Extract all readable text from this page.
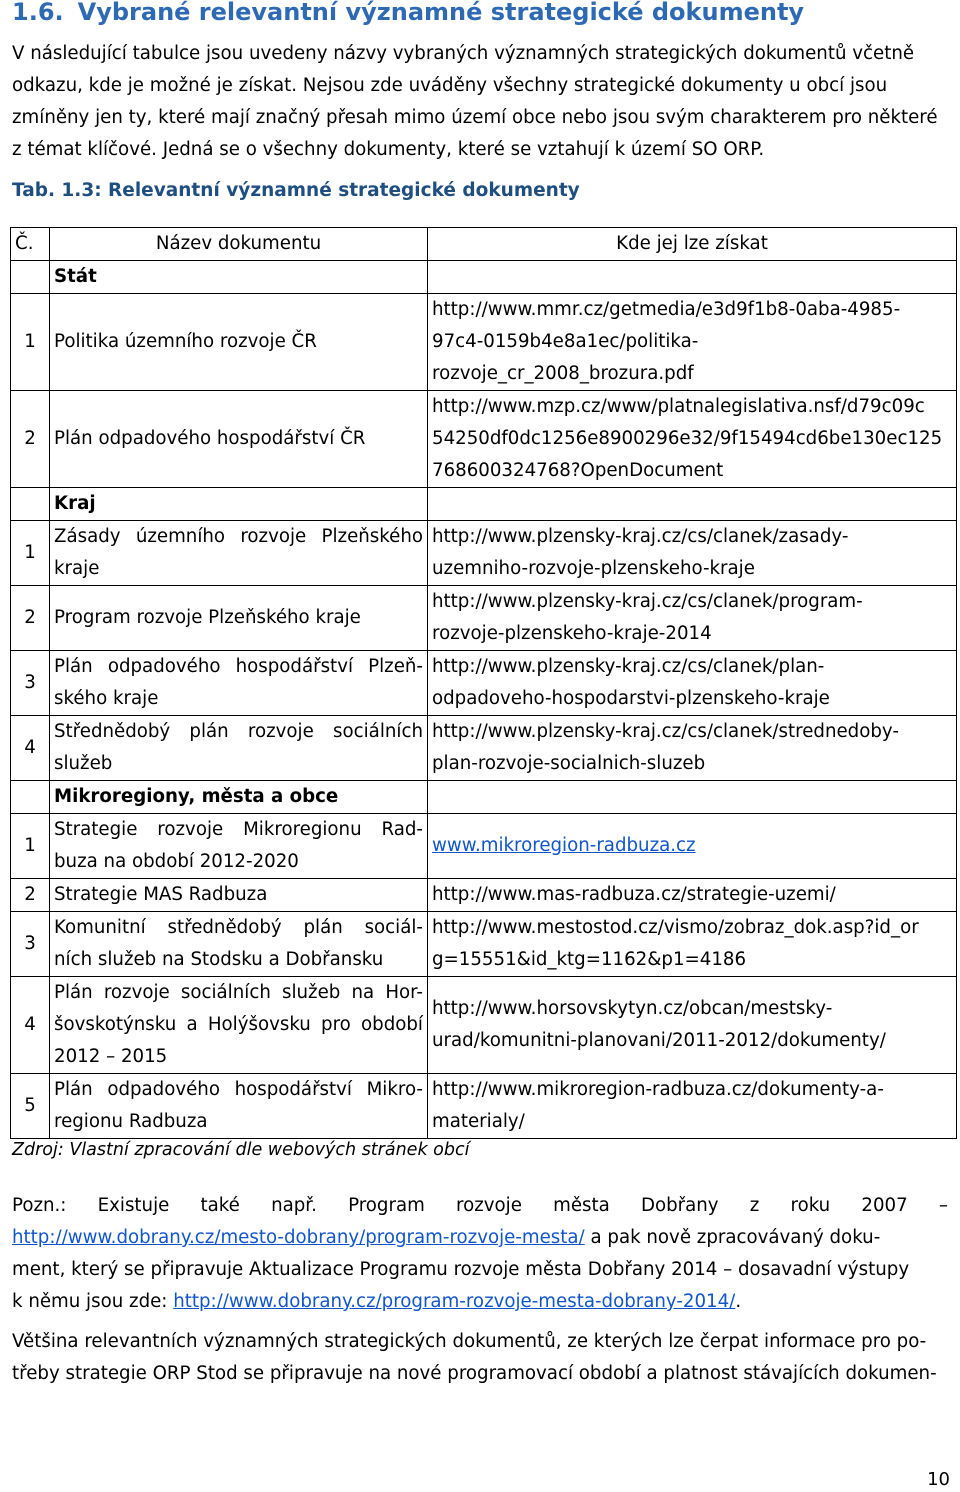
1.6. Vybrané relevantní významné strategické dokumenty

V následující tabulce jsou uvedeny názvy vybraných významných strategických dokumentů včetně
odkazu, kde je možné je získat. Nejsou zde uváděny všechny strategické dokumenty u obcí jsou
zmíněny jen ty, které mají značný přesah mimo území obce nebo jsou svým charakterem pro některé
z témat klíčové. Jedná se o všechny dokumenty, které se vztahují k území SO ORP.

Tab. 1.3: Relevantní významné strategické dokumenty

Č.	Název dokumentu	Kde jej lze získat
	Stát	
1	Politika územního rozvoje ČR	http://www.mmr.cz/getmedia/e3d9f1b8-0aba-4985-
97c4-0159b4e8a1ec/politika-
rozvoje_cr_2008_brozura.pdf

2	Plán odpadového hospodářství ČR	http://www.mzp.cz/www/platnalegislativa.nsf/d79c09c
54250df0dc1256e8900296e32/9f15494cd6be130ec125
768600324768?OpenDocument

	Kraj	
1	Zásady územního rozvoje Plzeňského
kraje	http://www.plzensky-kraj.cz/cs/clanek/zasady-
uzemniho-rozvoje-plzenskeho-kraje

2	Program rozvoje Plzeňského kraje	http://www.plzensky-kraj.cz/cs/clanek/program-
rozvoje-plzenskeho-kraje-2014

3	Plán odpadového hospodářství Plzeň-
ského kraje	http://www.plzensky-kraj.cz/cs/clanek/plan-
odpadoveho-hospodarstvi-plzenskeho-kraje

4	Střednědobý plán rozvoje sociálních
služeb	http://www.plzensky-kraj.cz/cs/clanek/strednedoby-
plan-rozvoje-socialnich-sluzeb

	Mikroregiony, města a obce	
1	Strategie rozvoje Mikroregionu Rad-
buza na období 2012-2020	www.mikroregion-radbuza.cz

2	Strategie MAS Radbuza	http://www.mas-radbuza.cz/strategie-uzemi/

3	Komunitní střednědobý plán sociál-
ních služeb na Stodsku a Dobřansku	http://www.mestostod.cz/vismo/zobraz_dok.asp?id_or
g=15551&id_ktg=1162&p1=4186

4	Plán rozvoje sociálních služeb na Hor-
šovskotýnsku a Holýšovsku pro období
2012 – 2015	http://www.horsovskytyn.cz/obcan/mestsky-
urad/komunitni-planovani/2011-2012/dokumenty/

5	Plán odpadového hospodářství Mikro-
regionu Radbuza	http://www.mikroregion-radbuza.cz/dokumenty-a-
materialy/

Zdroj: Vlastní zpracování dle webových stránek obcí

Pozn.: Existuje také např. Program rozvoje města Dobřany z roku 2007 –
http://www.dobrany.cz/mesto-dobrany/program-rozvoje-mesta/ a pak nově zpracovávaný doku-
ment, který se připravuje Aktualizace Programu rozvoje města Dobřany 2014 – dosavadní výstupy
k němu jsou zde: http://www.dobrany.cz/program-rozvoje-mesta-dobrany-2014/.

Většina relevantních významných strategických dokumentů, ze kterých lze čerpat informace pro po-
třeby strategie ORP Stod se připravuje na nové programovací období a platnost stávajících dokumen-

10
